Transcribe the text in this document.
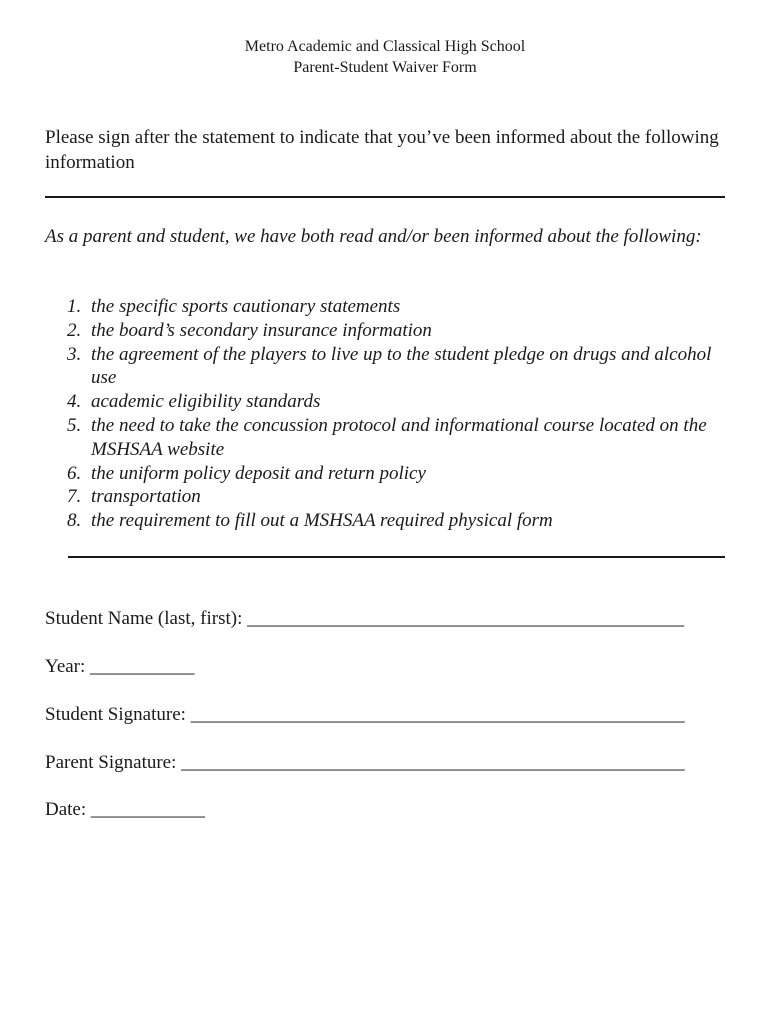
Metro Academic and Classical High School
Parent-Student Waiver Form
Please sign after the statement to indicate that you’ve been informed about the following information
As a parent and student, we have both read and/or been informed about the following:
1. the specific sports cautionary statements
2. the board’s secondary insurance information
3. the agreement of the players to live up to the student pledge on drugs and alcohol use
4. academic eligibility standards
5. the need to take the concussion protocol and informational course located on the MSHSAA website
6. the uniform policy deposit and return policy
7. transportation
8. the requirement to fill out a MSHSAA required physical form
Student Name (last, first): ______________________________________________
Year: ___________
Student Signature: ____________________________________________________
Parent Signature: _____________________________________________________
Date: ____________
